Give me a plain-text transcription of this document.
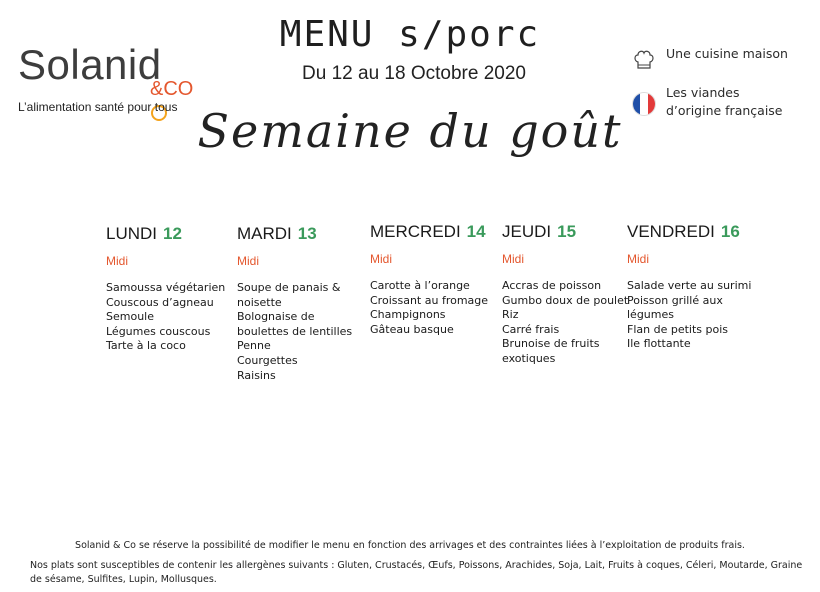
Solanid
&CO
L’alimentation santé pour tous
MENU s/porc
Du 12 au 18 Octobre 2020
Une cuisine maison
Les viandes d’origine française
Semaine du goût
LUNDI 12
Midi
Samoussa végétarien
Couscous d’agneau
Semoule
Légumes couscous
Tarte à la coco
MARDI 13
Midi
Soupe de panais &
noisette
Bolognaise de
boulettes de lentilles
Penne
Courgettes
Raisins
MERCREDI 14
Midi
Carotte à l’orange
Croissant au fromage
Champignons
Gâteau basque
JEUDI 15
Midi
Accras de poisson
Gumbo doux de poulet
Riz
Carré frais
Brunoise de fruits
exotiques
VENDREDI 16
Midi
Salade verte au surimi
Poisson grillé aux
légumes
Flan de petits pois
Ile flottante
Solanid & Co se réserve la possibilité de modifier le menu en fonction des arrivages et des contraintes liées à l’exploitation de produits frais.
Nos plats sont susceptibles de contenir les allergènes suivants : Gluten, Crustacés, Œufs, Poissons, Arachides, Soja, Lait, Fruits à coques, Céleri, Moutarde, Graine de sésame, Sulfites, Lupin, Mollusques.
